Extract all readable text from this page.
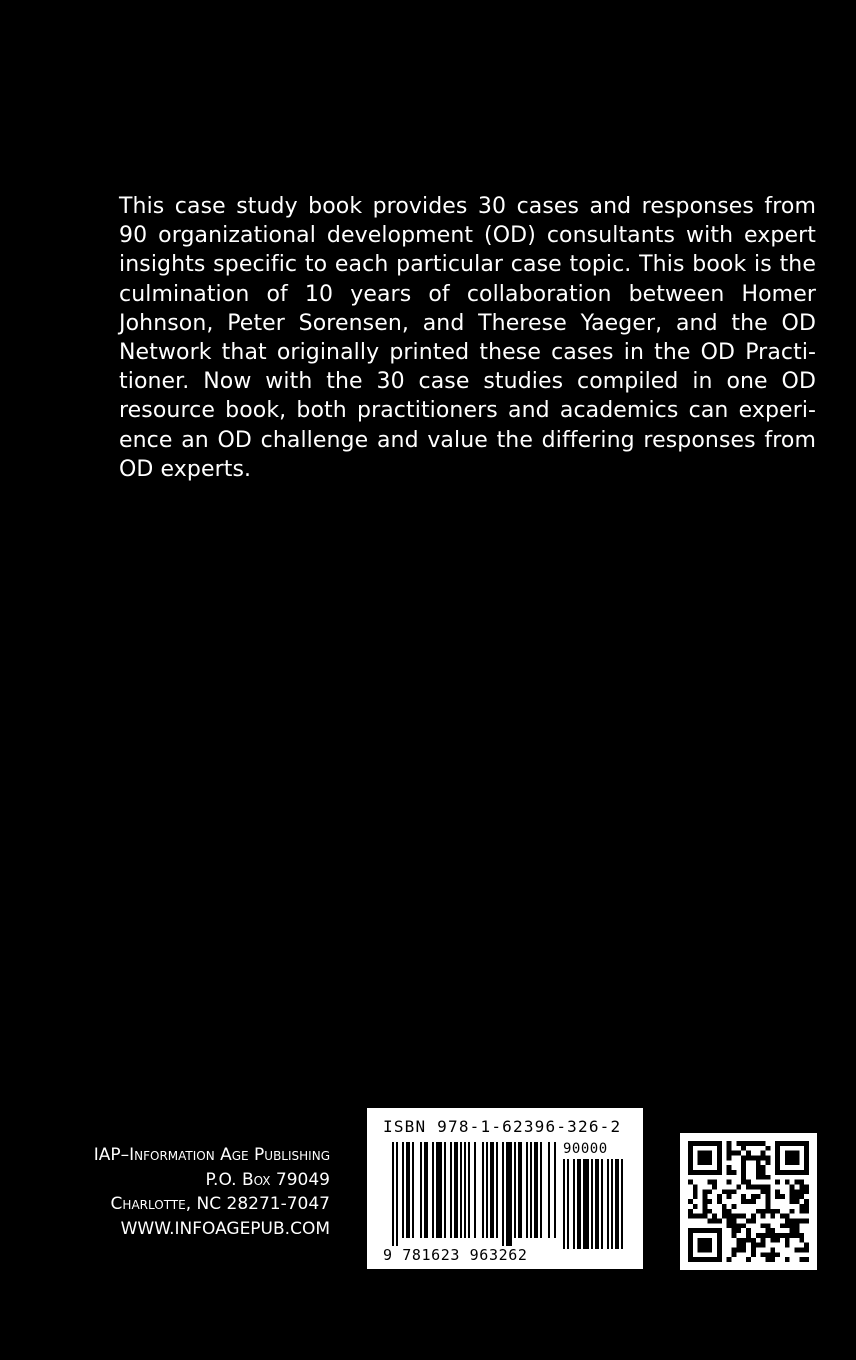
This case study book provides 30 cases and responses from 90 organizational development (OD) consultants with expert insights specific to each particular case topic. This book is the culmination of 10 years of collaboration between Homer Johnson, Peter Sorensen, and Therese Yaeger, and the OD Network that originally printed these cases in the OD Practitioner. Now with the 30 case studies compiled in one OD resource book, both practitioners and academics can experience an OD challenge and value the differing responses from OD experts.

IAP–Information Age Publishing
P.O. Box 79049
Charlotte, NC 28271-7047
WWW.INFOAGEPUB.COM
ISBN 978-1-62396-326-2
90000
9 781623 963262
